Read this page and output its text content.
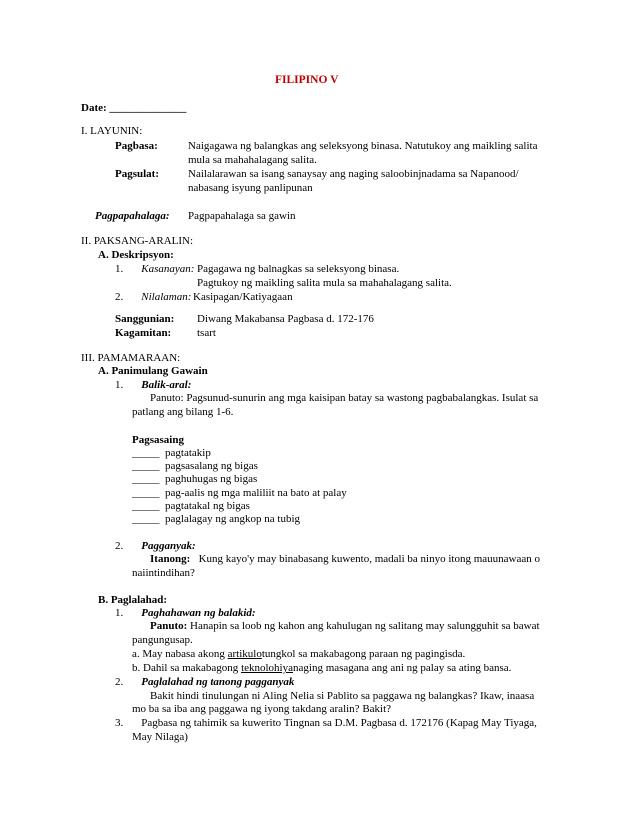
FILIPINO V
Date: ______________
I. LAYUNIN:
Pagbasa:	Naigagawa ng balangkas ang seleksyong binasa. Natutukoy ang maikling salita
mula sa mahahalagang salita.
Pagsulat:	Nailalarawan sa isang sanaysay ang naging saloobinjnadama sa Napanood/
nabasang isyung panlipunan
Pagpapahalaga: Pagpapahalaga sa gawin
II. PAKSANG-ARALIN:
A. Deskripsyon:
1. Kasanayan: Pagagawa ng balnagkas sa seleksyong binasa.
Pagtukoy ng maikling salita mula sa mahahalagang salita.
2. Nilalaman: Kasipagan/Katiyagaan
Sanggunian: Diwang Makabansa Pagbasa d. 172-176
Kagamitan: tsart
III. PAMAMARAAN:
A. Panimulang Gawain
1. Balik-aral:
Panuto: Pagsunud-sunurin ang mga kaisipan batay sa wastong pagbabalangkas. Isulat sa
patlang ang bilang 1-6.
Pagsasaing
_____ pagtatakip
_____ pagsasalang ng bigas
_____ paghuhugas ng bigas
_____ pag-aalis ng mga maliliit na bato at palay
_____ pagtatakal ng bigas
_____ paglalagay ng angkop na tubig
2. Pagganyak:
Itanong: Kung kayo'y may binabasang kuwento, madali ba ninyo itong mauunawaan o
naiintindihan?
B. Paglalahad:
1. Paghahawan ng balakid:
Panuto: Hanapin sa loob ng kahon ang kahulugan ng salitang may salungguhit sa bawat
pangungusap.
a. May nabasa akong artikulotungkol sa makabagong paraan ng pagingisda.
b. Dahil sa makabagong teknolohiyanaging masagana ang ani ng palay sa ating bansa.
2. Paglalahad ng tanong pagganyak
Bakit hindi tinulungan ni Aling Nelia si Pablito sa paggawa ng balangkas? Ikaw, inaasa
mo ba sa iba ang paggawa ng iyong takdang aralin? Bakit?
3. Pagbasa ng tahimik sa kuwerito Tingnan sa D.M. Pagbasa d. 172176 (Kapag May Tiyaga,
May Nilaga)
